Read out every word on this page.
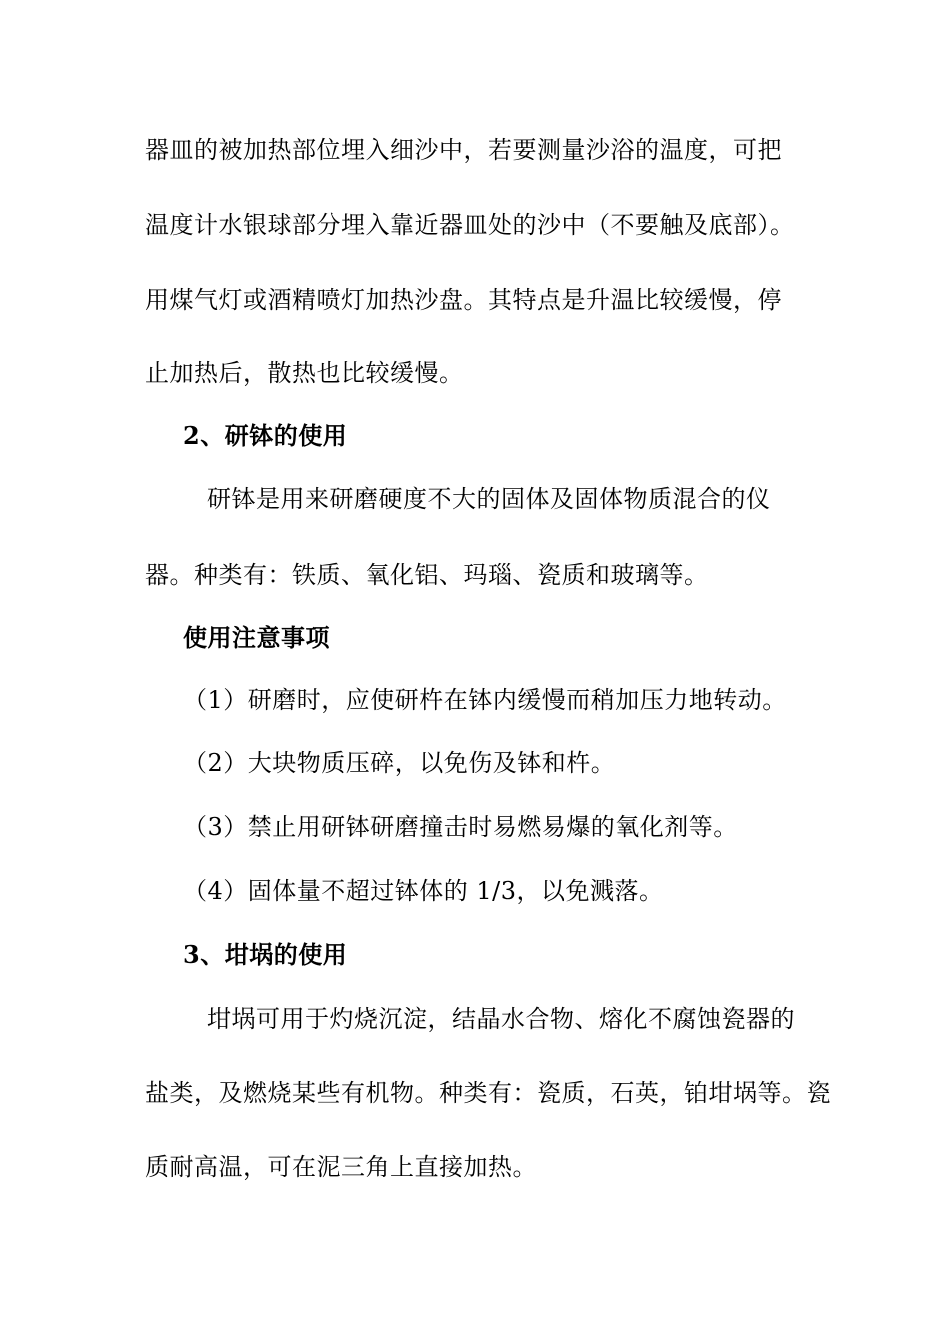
器皿的被加热部位埋入细沙中，若要测量沙浴的温度，可把
温度计水银球部分埋入靠近器皿处的沙中（不要触及底部）。
用煤气灯或酒精喷灯加热沙盘。其特点是升温比较缓慢，停
止加热后，散热也比较缓慢。
2、研钵的使用
研钵是用来研磨硬度不大的固体及固体物质混合的仪
器。种类有：铁质、氧化铝、玛瑙、瓷质和玻璃等。
使用注意事项
（1）研磨时，应使研杵在钵内缓慢而稍加压力地转动。
（2）大块物质压碎，以免伤及钵和杵。
（3）禁止用研钵研磨撞击时易燃易爆的氧化剂等。
（4）固体量不超过钵体的 1/3，以免溅落。
3、坩埚的使用
坩埚可用于灼烧沉淀，结晶水合物、熔化不腐蚀瓷器的
盐类，及燃烧某些有机物。种类有：瓷质，石英，铂坩埚等。瓷
质耐高温，可在泥三角上直接加热。
